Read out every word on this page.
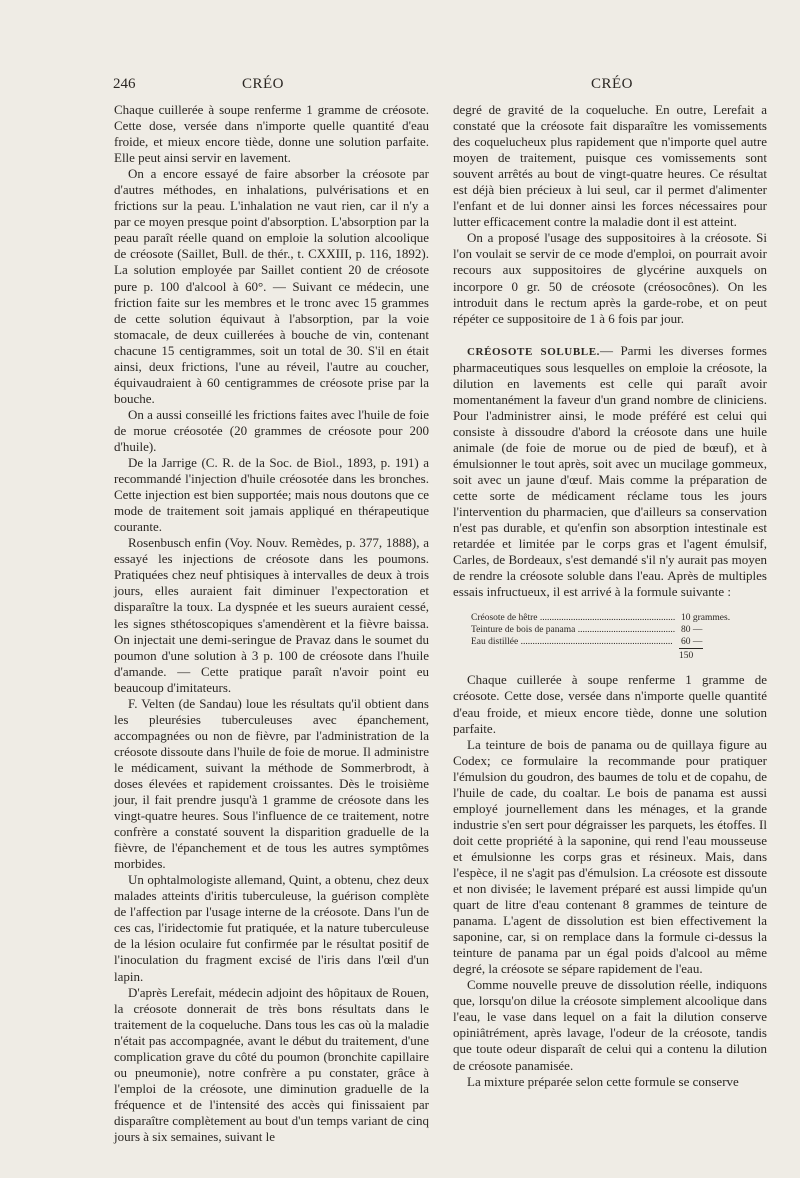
246	CRÉO	CRÉO

Chaque cuillerée à soupe renferme 1 gramme de créosote. Cette dose, versée dans n'importe quelle quantité d'eau froide, et mieux encore tiède, donne une solution parfaite. Elle peut ainsi servir en lavement.

On a encore essayé de faire absorber la créosote par d'autres méthodes, en inhalations, pulvérisations et en frictions sur la peau. L'inhalation ne vaut rien, car il n'y a par ce moyen presque point d'absorption. L'absorption par la peau paraît réelle quand on emploie la solution alcoolique de créosote (Saillet, Bull. de thér., t. CXXIII, p. 116, 1892). La solution employée par Saillet contient 20 de créosote pure p. 100 d'alcool à 60°. — Suivant ce médecin, une friction faite sur les membres et le tronc avec 15 grammes de cette solution équivaut à l'absorption, par la voie stomacale, de deux cuillerées à bouche de vin, contenant chacune 15 centigrammes, soit un total de 30. S'il en était ainsi, deux frictions, l'une au réveil, l'autre au coucher, équivaudraient à 60 centigrammes de créosote prise par la bouche.

On a aussi conseillé les frictions faites avec l'huile de foie de morue créosotée (20 grammes de créosote pour 200 d'huile).

De la Jarrige (C. R. de la Soc. de Biol., 1893, p. 191) a recommandé l'injection d'huile créosotée dans les bronches. Cette injection est bien supportée; mais nous doutons que ce mode de traitement soit jamais appliqué en thérapeutique courante.

Rosenbusch enfin (Voy. Nouv. Remèdes, p. 377, 1888), a essayé les injections de créosote dans les poumons. Pratiquées chez neuf phtisiques à intervalles de deux à trois jours, elles auraient fait diminuer l'expectoration et disparaître la toux. La dyspnée et les sueurs auraient cessé, les signes sthétoscopiques s'amendèrent et la fièvre baissa. On injectait une demi-seringue de Pravaz dans le soumet du poumon d'une solution à 3 p. 100 de créosote dans l'huile d'amande. — Cette pratique paraît n'avoir point eu beaucoup d'imitateurs.

F. Velten (de Sandau) loue les résultats qu'il obtient dans les pleurésies tuberculeuses avec épanchement, accompagnées ou non de fièvre, par l'administration de la créosote dissoute dans l'huile de foie de morue. Il administre le médicament, suivant la méthode de Sommerbrodt, à doses élevées et rapidement croissantes. Dès le troisième jour, il fait prendre jusqu'à 1 gramme de créosote dans les vingt-quatre heures. Sous l'influence de ce traitement, notre confrère a constaté souvent la disparition graduelle de la fièvre, de l'épanchement et de tous les autres symptômes morbides.

Un ophtalmologiste allemand, Quint, a obtenu, chez deux malades atteints d'iritis tuberculeuse, la guérison complète de l'affection par l'usage interne de la créosote. Dans l'un de ces cas, l'iridectomie fut pratiquée, et la nature tuberculeuse de la lésion oculaire fut confirmée par le résultat positif de l'inoculation du fragment excisé de l'iris dans l'œil d'un lapin.

D'après Lerefait, médecin adjoint des hôpitaux de Rouen, la créosote donnerait de très bons résultats dans le traitement de la coqueluche. Dans tous les cas où la maladie n'était pas accompagnée, avant le début du traitement, d'une complication grave du côté du poumon (bronchite capillaire ou pneumonie), notre confrère a pu constater, grâce à l'emploi de la créosote, une diminution graduelle de la fréquence et de l'intensité des accès qui finissaient par disparaître complètement au bout d'un temps variant de cinq jours à six semaines, suivant le

degré de gravité de la coqueluche. En outre, Lerefait a constaté que la créosote fait disparaître les vomissements des coquelucheux plus rapidement que n'importe quel autre moyen de traitement, puisque ces vomissements sont souvent arrêtés au bout de vingt-quatre heures. Ce résultat est déjà bien précieux à lui seul, car il permet d'alimenter l'enfant et de lui donner ainsi les forces nécessaires pour lutter efficacement contre la maladie dont il est atteint.

On a proposé l'usage des suppositoires à la créosote. Si l'on voulait se servir de ce mode d'emploi, on pourrait avoir recours aux suppositoires de glycérine auxquels on incorpore 0 gr. 50 de créosote (créosocônes). On les introduit dans le rectum après la garde-robe, et on peut répéter ce suppositoire de 1 à 6 fois par jour.

CRÉOSOTE SOLUBLE.— Parmi les diverses formes pharmaceutiques sous lesquelles on emploie la créosote, la dilution en lavements est celle qui paraît avoir momentanément la faveur d'un grand nombre de cliniciens. Pour l'administrer ainsi, le mode préféré est celui qui consiste à dissoudre d'abord la créosote dans une huile animale (de foie de morue ou de pied de bœuf), et à émulsionner le tout après, soit avec un mucilage gommeux, soit avec un jaune d'œuf. Mais comme la préparation de cette sorte de médicament réclame tous les jours l'intervention du pharmacien, que d'ailleurs sa conservation n'est pas durable, et qu'enfin son absorption intestinale est retardée et limitée par le corps gras et l'agent émulsif, Carles, de Bordeaux, s'est demandé s'il n'y aurait pas moyen de rendre la créosote soluble dans l'eau. Après de multiples essais infructueux, il est arrivé à la formule suivante :

Créosote de hêtre .....	10 grammes.
Teinture de bois de panama .....	80 —
Eau distillée .....	60 —
150

Chaque cuillerée à soupe renferme 1 gramme de créosote. Cette dose, versée dans n'importe quelle quantité d'eau froide, et mieux encore tiède, donne une solution parfaite.

La teinture de bois de panama ou de quillaya figure au Codex; ce formulaire la recommande pour pratiquer l'émulsion du goudron, des baumes de tolu et de copahu, de l'huile de cade, du coaltar. Le bois de panama est aussi employé journellement dans les ménages, et la grande industrie s'en sert pour dégraisser les parquets, les étoffes. Il doit cette propriété à la saponine, qui rend l'eau mousseuse et émulsionne les corps gras et résineux. Mais, dans l'espèce, il ne s'agit pas d'émulsion. La créosote est dissoute et non divisée; le lavement préparé est aussi limpide qu'un quart de litre d'eau contenant 8 grammes de teinture de panama. L'agent de dissolution est bien effectivement la saponine, car, si on remplace dans la formule ci-dessus la teinture de panama par un égal poids d'alcool au même degré, la créosote se sépare rapidement de l'eau.

Comme nouvelle preuve de dissolution réelle, indiquons que, lorsqu'on dilue la créosote simplement alcoolique dans l'eau, le vase dans lequel on a fait la dilution conserve opiniâtrément, après lavage, l'odeur de la créosote, tandis que toute odeur disparaît de celui qui a contenu la dilution de créosote panamisée.

La mixture préparée selon cette formule se conserve
